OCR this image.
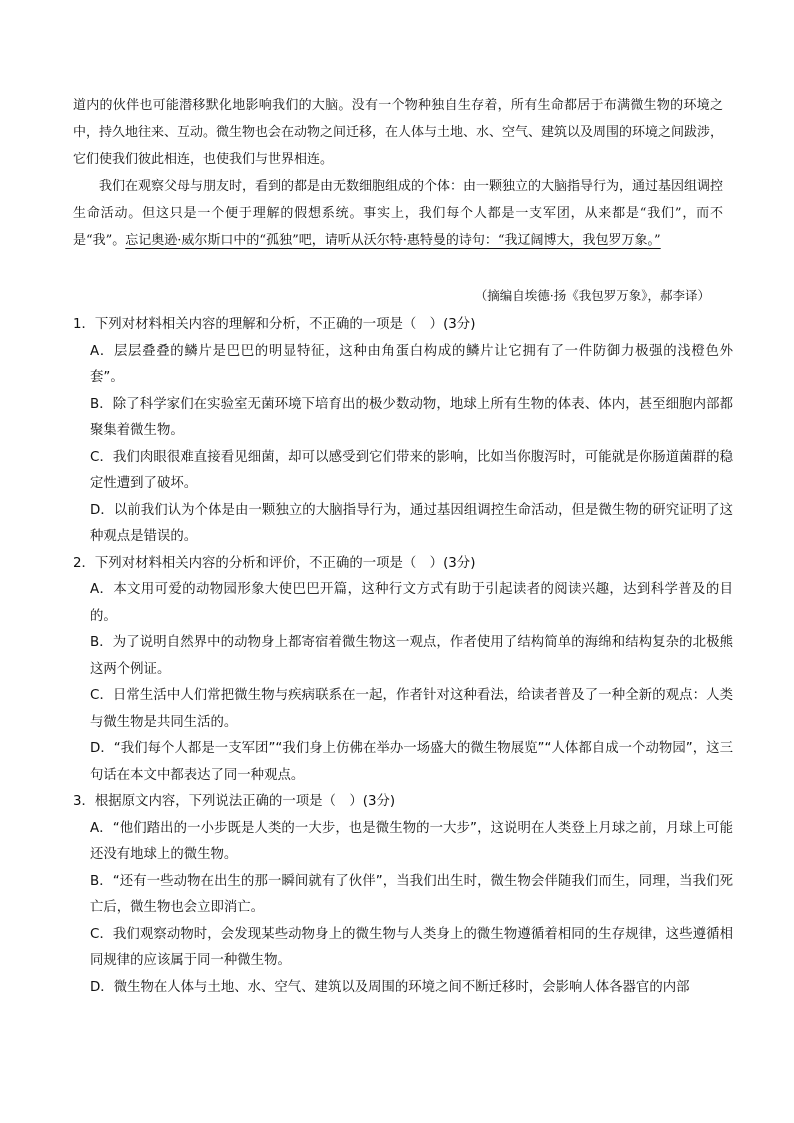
道内的伙伴也可能潜移默化地影响我们的大脑。没有一个物种独自生存着，所有生命都居于布满微生物的环境之中，持久地往来、互动。微生物也会在动物之间迁移，在人体与土地、水、空气、建筑以及周围的环境之间跋涉，它们使我们彼此相连，也使我们与世界相连。

我们在观察父母与朋友时，看到的都是由无数细胞组成的个体：由一颗独立的大脑指导行为，通过基因组调控生命活动。但这只是一个便于理解的假想系统。事实上，我们每个人都是一支军团，从来都是“我们”，而不是“我”。忘记奥逊·威尔斯口中的“孤独”吧，请听从沃尔特·惠特曼的诗句：“我辽阔博大，我包罗万象。”

（摘编自埃德·扬《我包罗万象》，郝李译）

1．下列对材料相关内容的理解和分析，不正确的一项是（　）(3分)

A．层层叠叠的鳞片是巴巴的明显特征，这种由角蛋白构成的鳞片让它拥有了一件防御力极强的浅橙色外套”。

B．除了科学家们在实验室无菌环境下培育出的极少数动物，地球上所有生物的体表、体内，甚至细胞内部都聚集着微生物。

C．我们肉眼很难直接看见细菌，却可以感受到它们带来的影响，比如当你腹泻时，可能就是你肠道菌群的稳定性遭到了破坏。

D．以前我们认为个体是由一颗独立的大脑指导行为，通过基因组调控生命活动，但是微生物的研究证明了这种观点是错误的。

2．下列对材料相关内容的分析和评价，不正确的一项是（　）(3分)

A．本文用可爱的动物园形象大使巴巴开篇，这种行文方式有助于引起读者的阅读兴趣，达到科学普及的目的。

B．为了说明自然界中的动物身上都寄宿着微生物这一观点，作者使用了结构简单的海绵和结构复杂的北极熊这两个例证。

C．日常生活中人们常把微生物与疾病联系在一起，作者针对这种看法，给读者普及了一种全新的观点：人类与微生物是共同生活的。

D．“我们每个人都是一支军团”“我们身上仿佛在举办一场盛大的微生物展览”“人体都自成一个动物园”，这三句话在本文中都表达了同一种观点。

3．根据原文内容，下列说法正确的一项是（　）(3分)

A．“他们踏出的一小步既是人类的一大步，也是微生物的一大步”，这说明在人类登上月球之前，月球上可能还没有地球上的微生物。

B．“还有一些动物在出生的那一瞬间就有了伙伴”，当我们出生时，微生物会伴随我们而生，同理，当我们死亡后，微生物也会立即消亡。

C．我们观察动物时，会发现某些动物身上的微生物与人类身上的微生物遵循着相同的生存规律，这些遵循相同规律的应该属于同一种微生物。

D．微生物在人体与土地、水、空气、建筑以及周围的环境之间不断迁移时，会影响人体各器官的内部
